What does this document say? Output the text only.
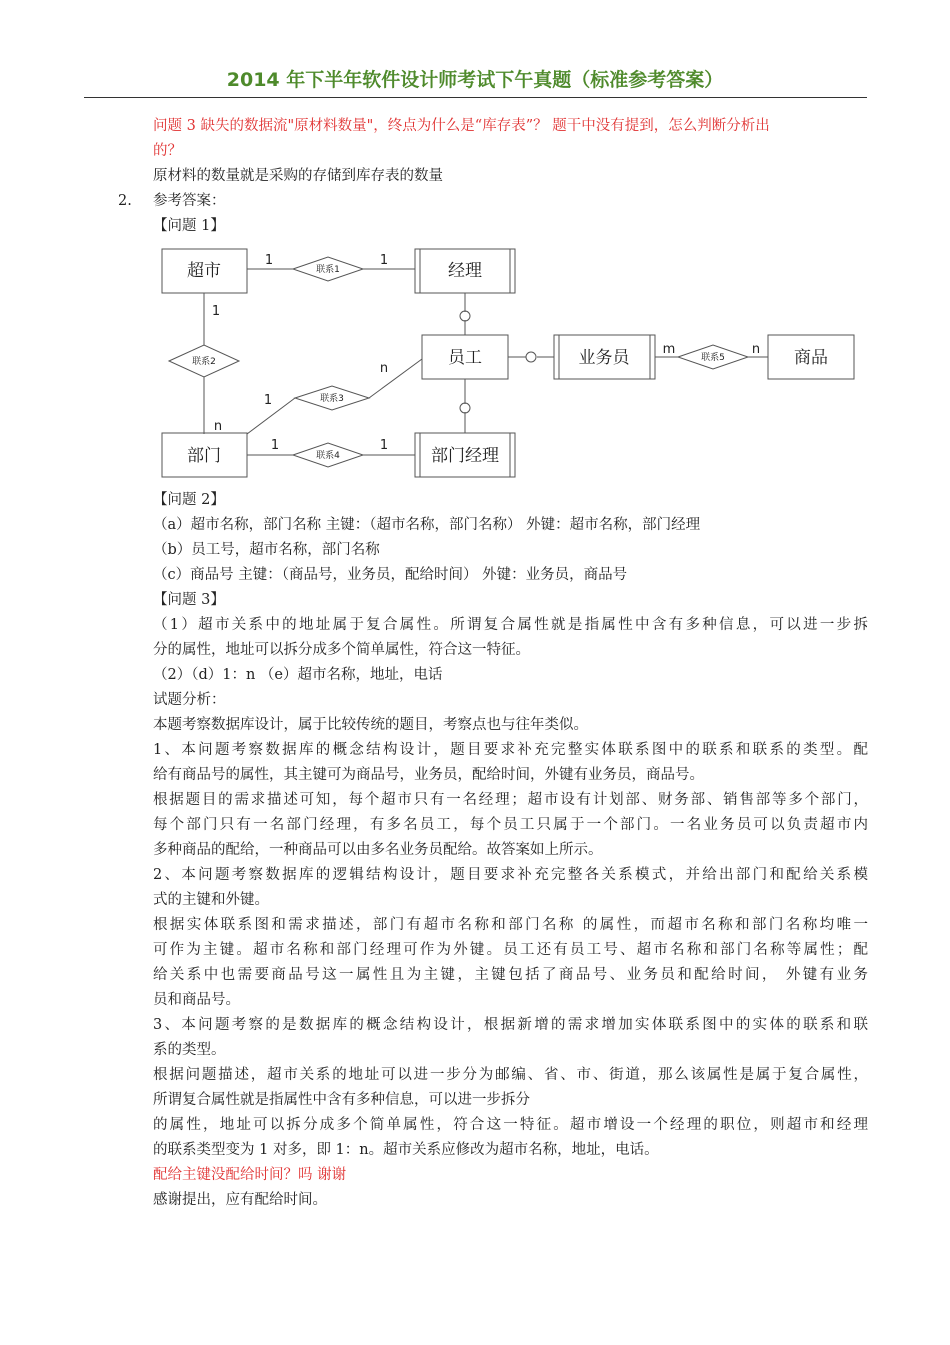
2014 年下半年软件设计师考试下午真题（标准参考答案）
问题 3 缺失的数据流"原材料数量"，终点为什么是“库存表”？ 题干中没有提到，怎么判断分析出
的？
原材料的数量就是采购的存储到库存表的数量
2. 参考答案：
【问题 1】
超市	经理
员工	业务员	商品
部门	部门经理
联系1
联系2
联系3
联系4
联系5
1	1
1
n
1
n
1	1
m	n
【问题 2】
（a）超市名称，部门名称 主键：（超市名称，部门名称） 外键：超市名称，部门经理
（b）员工号，超市名称，部门名称
（c）商品号 主键：（商品号，业务员，配给时间） 外键：业务员，商品号
【问题 3】
（1）超市关系中的地址属于复合属性。所谓复合属性就是指属性中含有多种信息，可以进一步拆
分的属性，地址可以拆分成多个简单属性，符合这一特征。
（2）（d）1：n （e）超市名称，地址，电话
试题分析：
本题考察数据库设计，属于比较传统的题目，考察点也与往年类似。
1、本问题考察数据库的概念结构设计，题目要求补充完整实体联系图中的联系和联系的类型。配
给有商品号的属性，其主键可为商品号，业务员，配给时间，外键有业务员，商品号。
根据题目的需求描述可知，每个超市只有一名经理；超市设有计划部、财务部、销售部等多个部门，
每个部门只有一名部门经理，有多名员工，每个员工只属于一个部门。一名业务员可以负责超市内
多种商品的配给，一种商品可以由多名业务员配给。故答案如上所示。
2、本问题考察数据库的逻辑结构设计，题目要求补充完整各关系模式，并给出部门和配给关系模
式的主键和外键。
根据实体联系图和需求描述，部门有超市名称和部门名称 的属性，而超市名称和部门名称均唯一
可作为主键。超市名称和部门经理可作为外键。员工还有员工号、超市名称和部门名称等属性；配
给关系中也需要商品号这一属性且为主键，主键包括了商品号、业务员和配给时间， 外键有业务
员和商品号。
3、本问题考察的是数据库的概念结构设计，根据新增的需求增加实体联系图中的实体的联系和联
系的类型。
根据问题描述，超市关系的地址可以进一步分为邮编、省、市、街道，那么该属性是属于复合属性，
所谓复合属性就是指属性中含有多种信息，可以进一步拆分
的属性，地址可以拆分成多个简单属性，符合这一特征。超市增设一个经理的职位，则超市和经理
的联系类型变为 1 对多，即 1：n。超市关系应修改为超市名称，地址，电话。
配给主键没配给时间？吗 谢谢
感谢提出，应有配给时间。
